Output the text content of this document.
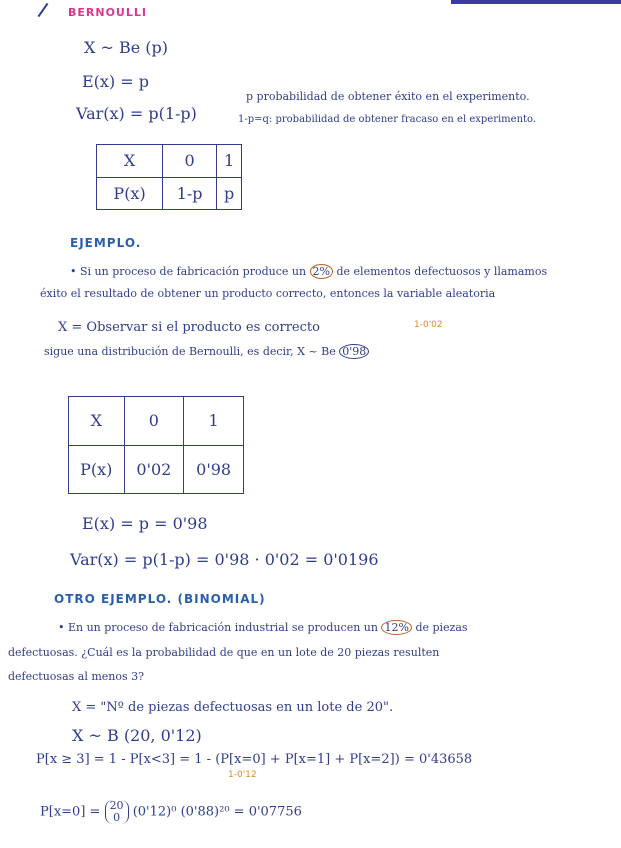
BERNOULLI
X ~ Be (p)
E(x) = p
Var(x) = p(1-p)
p probabilidad de obtener éxito en el experimento.
1-p=q: probabilidad de obtener fracaso en el experimento.
X	0	1
P(x)	1-p	p
EJEMPLO.
• Si un proceso de fabricación produce un 2% de elementos defectuosos y llamamos
éxito el resultado de obtener un producto correcto, entonces la variable aleatoria
X = Observar si el producto es correcto	1-0'02
sigue una distribución de Bernoulli, es decir, X ~ Be 0'98
X	0	1
P(x)	0'02	0'98
E(x) = p = 0'98
Var(x) = p(1-p) = 0'98 · 0'02 = 0'0196
OTRO EJEMPLO. (BINOMIAL)
• En un proceso de fabricación industrial se producen un 12% de piezas
defectuosas. ¿Cuál es la probabilidad de que en un lote de 20 piezas resulten
defectuosas al menos 3?
X = "Nº de piezas defectuosas en un lote de 20".
X ~ B (20, 0'12)
P[x ≥ 3] = 1 - P[x<3] = 1 - (P[x=0] + P[x=1] + P[x=2]) = 0'43658
1-0'12
P[x=0] = 20
0 (0'12)⁰ (0'88)²⁰ = 0'07756
